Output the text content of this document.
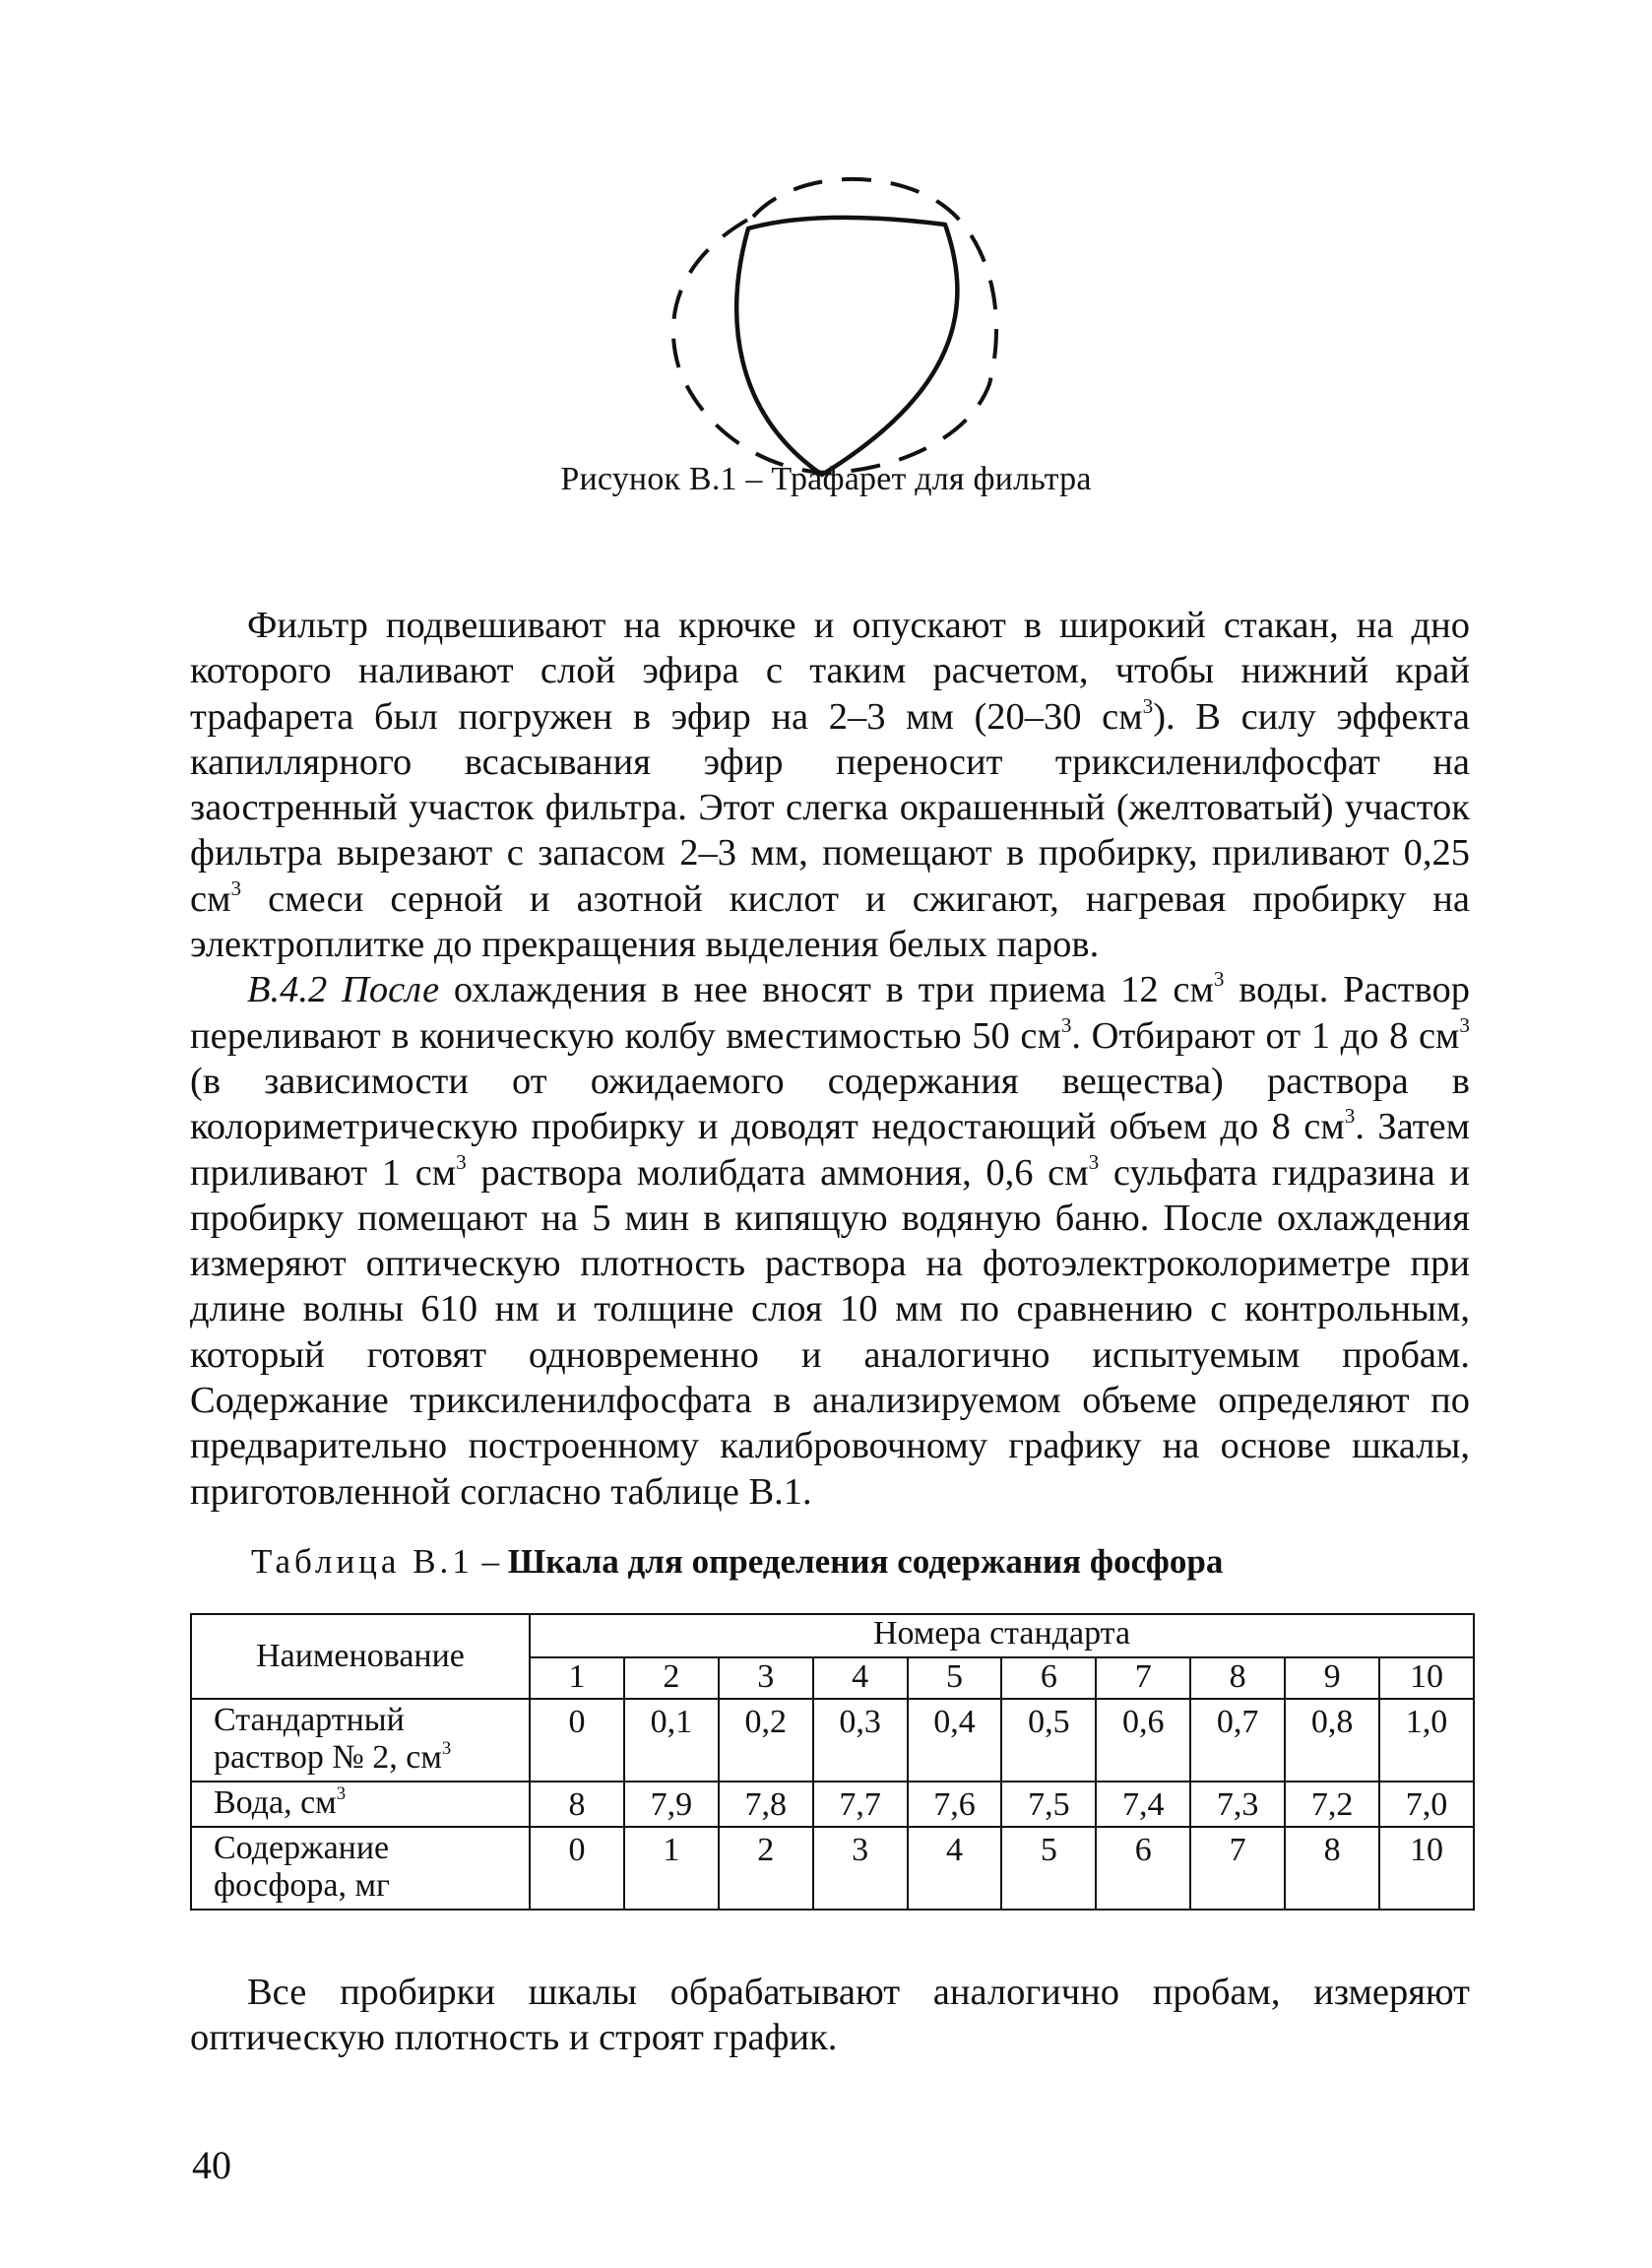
Рисунок В.1 – Трафарет для фильтра

Фильтр подвешивают на крючке и опускают в широкий стакан, на дно которого наливают слой эфира с таким расчетом, чтобы нижний край трафарета был погружен в эфир на 2–3 мм (20–30 $см^3$). В силу эффекта капиллярного всасывания эфир переносит триксиленилфосфат на заостренный участок фильтра. Этот слегка окрашенный (желтоватый) участок фильтра вырезают с запасом 2–3 мм, помещают в пробирку, приливают 0,25 $см^3$ смеси серной и азотной кислот и сжигают, нагревая пробирку на электроплитке до прекращения выделения белых паров.

В.4.2 После охлаждения в нее вносят в три приема 12 $см^3$ воды. Раствор переливают в коническую колбу вместимостью 50 $см^3$. Отбирают от 1 до 8 $см^3$ (в зависимости от ожидаемого содержания вещества) раствора в колориметрическую пробирку и доводят недостающий объем до 8 $см^3$. Затем приливают 1 $см^3$ раствора молибдата аммония, 0,6 $см^3$ сульфата гидразина и пробирку помещают на 5 мин в кипящую водяную баню. После охлаждения измеряют оптическую плотность раствора на фотоэлектроколориметре при длине волны 610 нм и толщине слоя 10 мм по сравнению с контрольным, который готовят одновременно и аналогично испытуемым пробам. Содержание триксиленилфосфата в анализируемом объеме определяют по предварительно построенному калибровочному графику на основе шкалы, приготовленной согласно таблице В.1.

Таблица В.1 – Шкала для определения содержания фосфора
Наименование	Номера стандарта									
	1	2	3	4	5	6	7	8	9	10
Стандартный раствор № 2, $см^3$	0	0,1	0,2	0,3	0,4	0,5	0,6	0,7	0,8	1,0
Вода, $см^3$	8	7,9	7,8	7,7	7,6	7,5	7,4	7,3	7,2	7,0
Содержание фосфора, мг	0	1	2	3	4	5	6	7	8	10

Все пробирки шкалы обрабатывают аналогично пробам, измеряют оптическую плотность и строят график.

40
